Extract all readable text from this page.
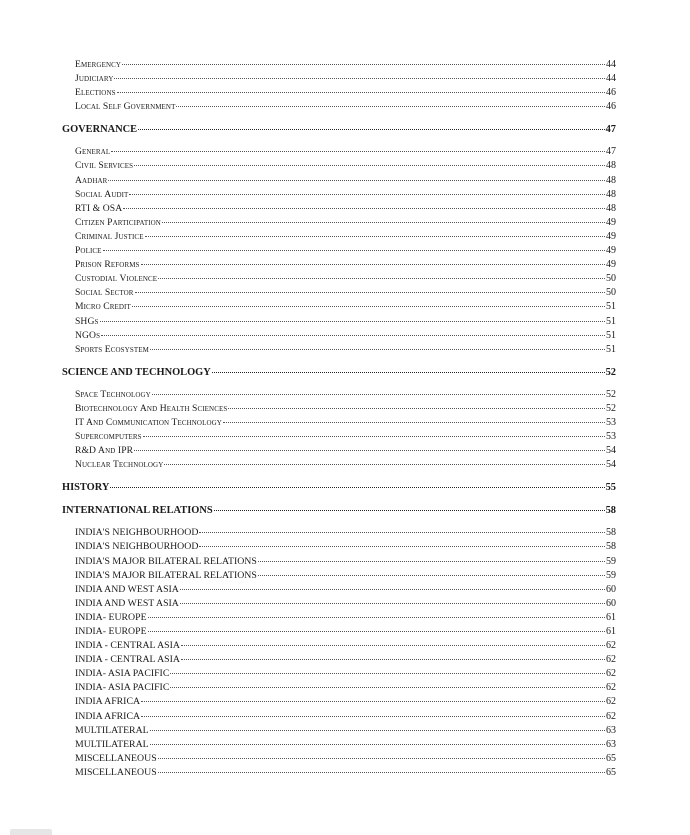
Emergency	44
Judiciary	44
Elections	46
Local Self Government	46
GOVERNANCE	47
General	47
Civil Services	48
Aadhar	48
Social Audit	48
RTI & OSA	48
Citizen Participation	49
Criminal Justice	49
Police	49
Prison Reforms	49
Custodial Violence	50
Social Sector	50
Micro Credit	51
SHGs	51
NGOs	51
Sports Ecosystem	51
SCIENCE AND TECHNOLOGY	52
Space Technology	52
Biotechnology And Health Sciences	52
IT And Communication Technology	53
Supercomputers	53
R&D And IPR	54
Nuclear Technology	54
HISTORY	55
INTERNATIONAL RELATIONS	58
INDIA'S NEIGHBOURHOOD	58
INDIA'S NEIGHBOURHOOD	58
INDIA'S MAJOR BILATERAL RELATIONS	59
INDIA'S MAJOR BILATERAL RELATIONS	59
INDIA AND WEST ASIA	60
INDIA AND WEST ASIA	60
INDIA- EUROPE	61
INDIA- EUROPE	61
INDIA - CENTRAL ASIA	62
INDIA - CENTRAL ASIA	62
INDIA- ASIA PACIFIC	62
INDIA- ASIA PACIFIC	62
INDIA AFRICA	62
INDIA AFRICA	62
MULTILATERAL	63
MULTILATERAL	63
MISCELLANEOUS	65
MISCELLANEOUS	65
